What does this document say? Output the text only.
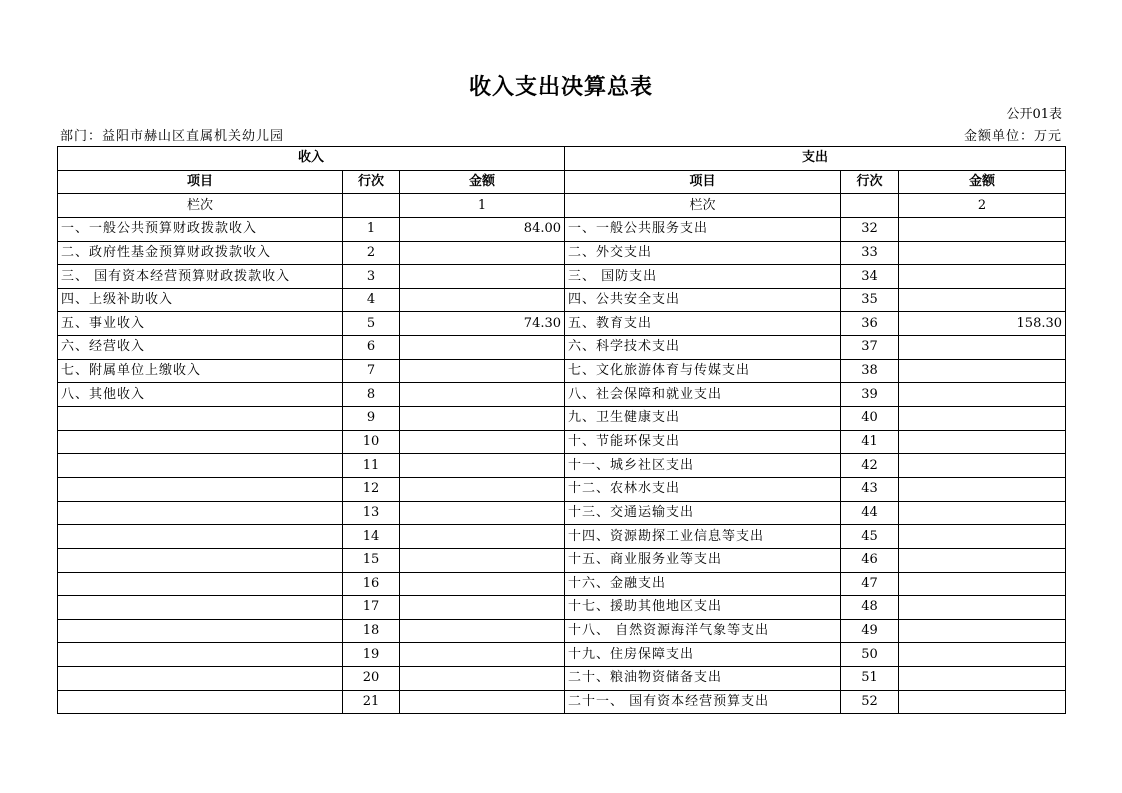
收入支出决算总表
公开01表
部门：益阳市赫山区直属机关幼儿园	金额单位：万元
收入			支出		
项目	行次	金额	项目	行次	金额
栏次		1	栏次		2
一、一般公共预算财政拨款收入	1	84.00	一、一般公共服务支出	32	
二、政府性基金预算财政拨款收入	2		二、外交支出	33	
三、 国有资本经营预算财政拨款收入	3		三、 国防支出	34	
四、上级补助收入	4		四、公共安全支出	35	
五、事业收入	5	74.30	五、教育支出	36	158.30
六、经营收入	6		六、科学技术支出	37	
七、附属单位上缴收入	7		七、文化旅游体育与传媒支出	38	
八、其他收入	8		八、社会保障和就业支出	39	
	9		九、卫生健康支出	40	
	10		十、节能环保支出	41	
	11		十一、城乡社区支出	42	
	12		十二、农林水支出	43	
	13		十三、交通运输支出	44	
	14		十四、资源勘探工业信息等支出	45	
	15		十五、商业服务业等支出	46	
	16		十六、金融支出	47	
	17		十七、援助其他地区支出	48	
	18		十八、 自然资源海洋气象等支出	49	
	19		十九、住房保障支出	50	
	20		二十、粮油物资储备支出	51	
	21		二十一、 国有资本经营预算支出	52	
